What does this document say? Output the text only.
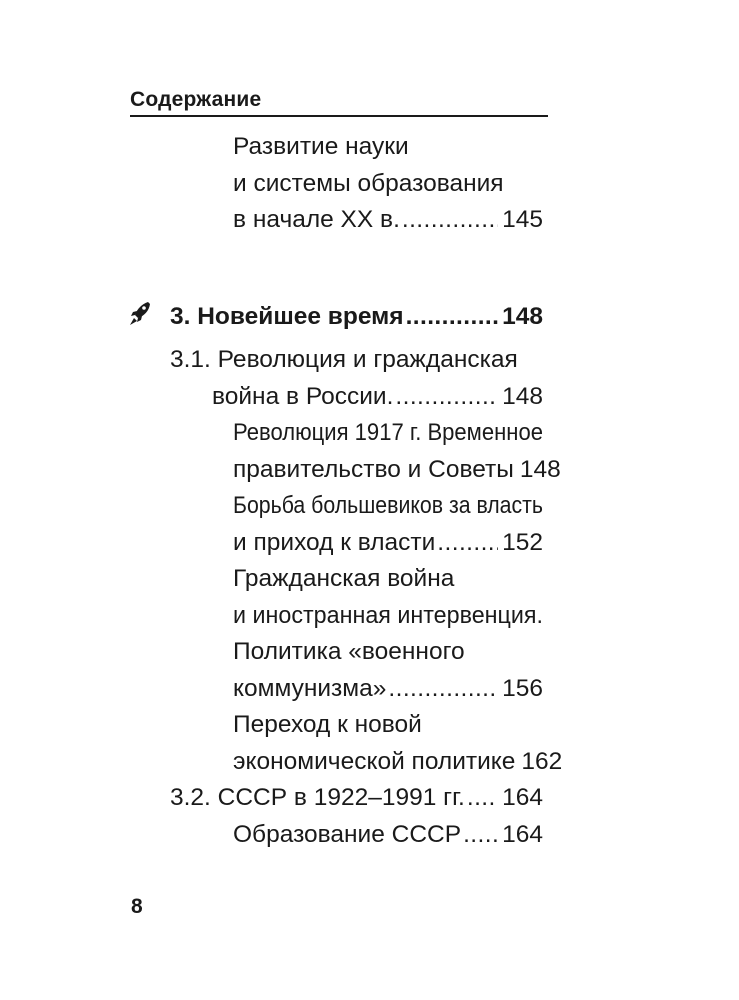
Содержание
Развитие науки
и системы образования
в начале XX в. . . .	145
3. Новейшее время . . .	148
3.1. Революция и гражданская
война в России. . . .	148
Революция 1917 г. Временное
правительство и Советы 148
Борьба большевиков за власть
и приход к власти . . .	152
Гражданская война
и иностранная интервенция.
Политика «военного
коммунизма» . . .	156
Переход к новой
экономической политике 162
3.2. СССР в 1922–1991 гг. . . . 164
Образование СССР . . . 164
8
